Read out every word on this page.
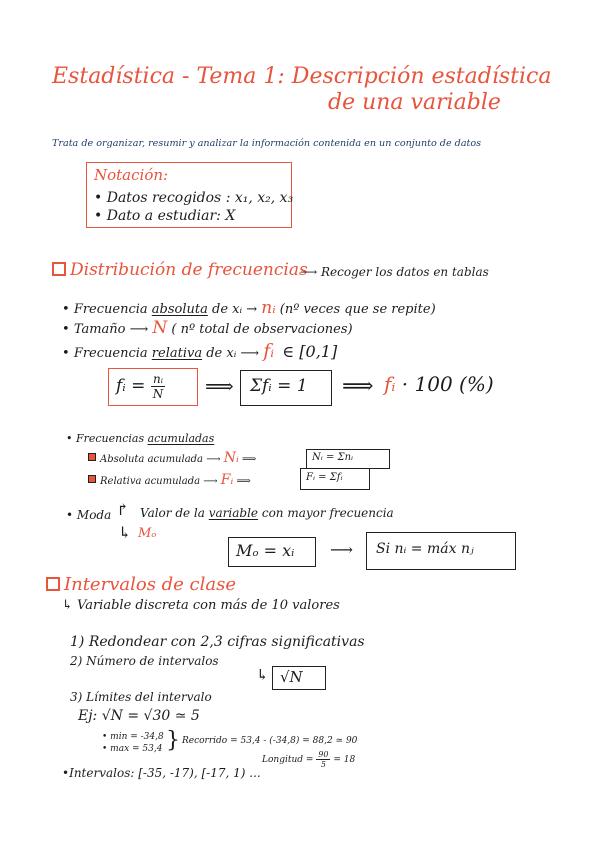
Estadística - Tema 1: Descripción estadística
de una variable
Trata de organizar, resumir y analizar la información contenida en un conjunto de datos
Notación:
• Datos recogidos : x₁, x₂, x₃
• Dato a estudiar: X
Distribución de frecuencias
⟶ Recoger los datos en tablas
• Frecuencia absoluta de xᵢ → nᵢ (nº veces que se repite)
• Tamaño ⟶ N ( nº total de observaciones)
• Frecuencia relativa de xᵢ ⟶ fᵢ ∈ [0,1]
fᵢ = $\frac{\text{nᵢ}}{N}$ ⟹ Σfᵢ = 1 ⟹ fᵢ · 100 (%)
• Frecuencias acumuladas
Absoluta acumulada ⟶ Nᵢ ⟹	Nᵢ = Σnᵢ
Relativa acumulada ⟶ Fᵢ ⟹	Fᵢ = Σfᵢ
• Moda ↱ Valor de la variable con mayor frecuencia
↳ Mₒ
Mₒ = xᵢ ⟶ Si nᵢ = máx nⱼ
Intervalos de clase
↳ Variable discreta con más de 10 valores
1) Redondear con 2,3 cifras significativas
2) Número de intervalos
↳ √N
3) Límites del intervalo
Ej: √N = √30 ≃ 5
• min = -34,8
• max = 53,4 } Recorrido = 53,4 - (-34,8) = 88,2 ≃ 90
Longitud = $\frac{90}{5} = 18$
•Intervalos: [-35, -17), [-17, 1) ...
